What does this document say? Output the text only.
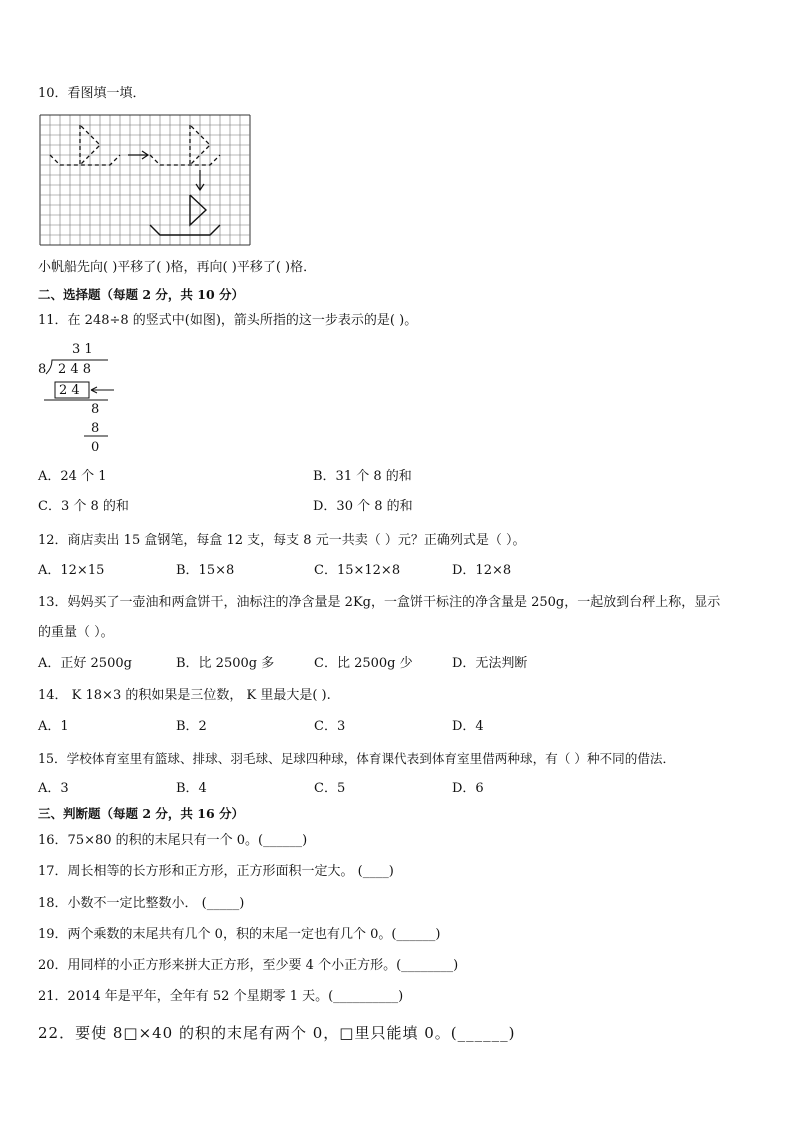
10．看图填一填．
小帆船先向( )平移了( )格，再向( )平移了( )格．
二、选择题（每题 2 分，共 10 分）
11．在 248÷8 的竖式中(如图)，箭头所指的这一步表示的是( )。
3 1
8 2 4 8
2 4
8
8
0
A．24 个 1	B．31 个 8 的和
C．3 个 8 的和	D．30 个 8 的和
12．商店卖出 15 盒钢笔，每盒 12 支，每支 8 元一共卖（ ）元？正确列式是（ ）。
A．12×15	B．15×8	C．15×12×8	D．12×8
13．妈妈买了一壶油和两盒饼干，油标注的净含量是 2Kg，一盒饼干标注的净含量是 250g，一起放到台秤上称，显示
的重量（ ）。
A．正好 2500g	B．比 2500g 多	C．比 2500g 少	D．无法判断
14． K 18×3 的积如果是三位数， K 里最大是( ).
A．1	B．2	C．3	D．4
15．学校体育室里有篮球、排球、羽毛球、足球四种球，体育课代表到体育室里借两种球，有（ ）种不同的借法．
A．3	B．4	C．5	D．6
三、判断题（每题 2 分，共 16 分）
16．75×80 的积的末尾只有一个 0。(______)
17．周长相等的长方形和正方形，正方形面积一定大。 (____)
18．小数不一定比整数小． (_____)
19．两个乘数的末尾共有几个 0，积的末尾一定也有几个 0。(______)
20．用同样的小正方形来拼大正方形，至少要 4 个小正方形。(________)
21．2014 年是平年，全年有 52 个星期零 1 天。(__________)
22．要使 8□×40 的积的末尾有两个 0，□里只能填 0。(______)
